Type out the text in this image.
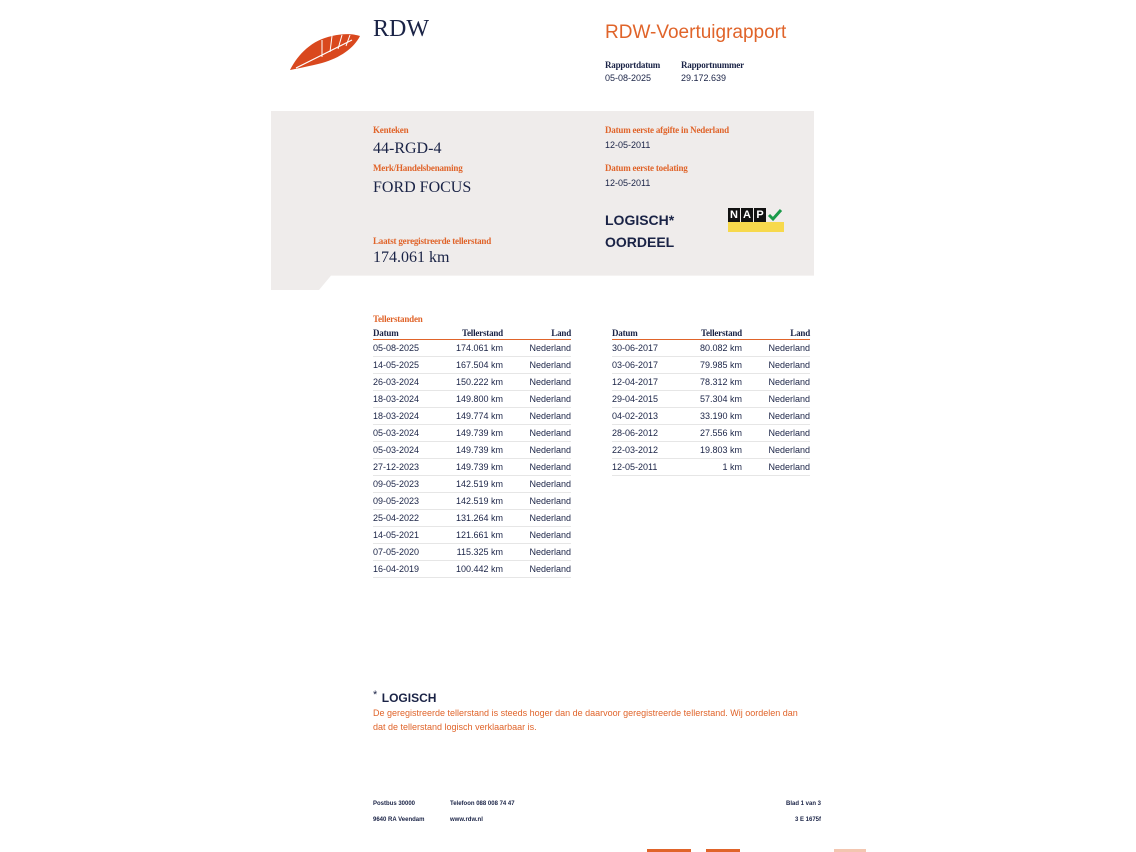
RDW	RDW-Voertuigrapport
Rapportdatum
05-08-2025
Rapportnummer
29.172.639
Kenteken
44-RGD-4
Merk/Handelsbenaming
FORD FOCUS
Laatst geregistreerde tellerstand
174.061 km
Datum eerste afgifte in Nederland
12-05-2011
Datum eerste toelating
12-05-2011
LOGISCH*
OORDEEL
N A P
Tellerstanden
Datum	Tellerstand	Land
05-08-2025	174.061 km	Nederland
14-05-2025	167.504 km	Nederland
26-03-2024	150.222 km	Nederland
18-03-2024	149.800 km	Nederland
18-03-2024	149.774 km	Nederland
05-03-2024	149.739 km	Nederland
05-03-2024	149.739 km	Nederland
27-12-2023	149.739 km	Nederland
09-05-2023	142.519 km	Nederland
09-05-2023	142.519 km	Nederland
25-04-2022	131.264 km	Nederland
14-05-2021	121.661 km	Nederland
07-05-2020	115.325 km	Nederland
16-04-2019	100.442 km	Nederland
Datum	Tellerstand	Land
30-06-2017	80.082 km	Nederland
03-06-2017	79.985 km	Nederland
12-04-2017	78.312 km	Nederland
29-04-2015	57.304 km	Nederland
04-02-2013	33.190 km	Nederland
28-06-2012	27.556 km	Nederland
22-03-2012	19.803 km	Nederland
12-05-2011	1 km	Nederland
* LOGISCH
De geregistreerde tellerstand is steeds hoger dan de daarvoor geregistreerde tellerstand. Wij oordelen dan
dat de tellerstand logisch verklaarbaar is.
Postbus 30000
9640 RA Veendam
Telefoon 088 008 74 47
www.rdw.nl
Blad 1 van 3
3 E 1675f
